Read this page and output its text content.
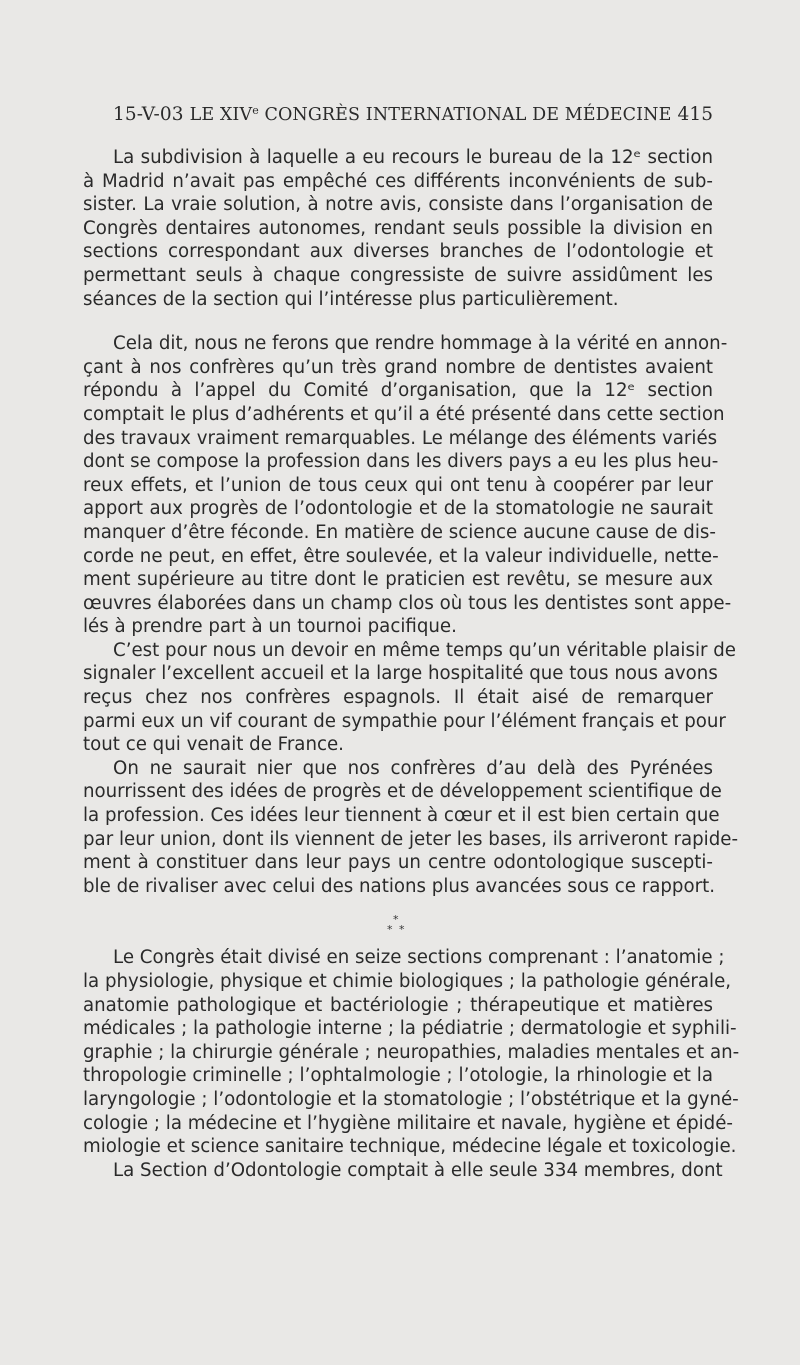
15-V-03 LE XIVe CONGRÈS INTERNATIONAL DE MÉDECINE 415
La subdivision à laquelle a eu recours le bureau de la 12ᵉ section
à Madrid n’avait pas empêché ces différents inconvénients de sub-
sister. La vraie solution, à notre avis, consiste dans l’organisation de
Congrès dentaires autonomes, rendant seuls possible la division en
sections correspondant aux diverses branches de l’odontologie et
permettant seuls à chaque congressiste de suivre assidûment les
séances de la section qui l’intéresse plus particulièrement.
Cela dit, nous ne ferons que rendre hommage à la vérité en annon-
çant à nos confrères qu’un très grand nombre de dentistes avaient
répondu à l’appel du Comité d’organisation, que la 12ᵉ section
comptait le plus d’adhérents et qu’il a été présenté dans cette section
des travaux vraiment remarquables. Le mélange des éléments variés
dont se compose la profession dans les divers pays a eu les plus heu-
reux effets, et l’union de tous ceux qui ont tenu à coopérer par leur
apport aux progrès de l’odontologie et de la stomatologie ne saurait
manquer d’être féconde. En matière de science aucune cause de dis-
corde ne peut, en effet, être soulevée, et la valeur individuelle, nette-
ment supérieure au titre dont le praticien est revêtu, se mesure aux
œuvres élaborées dans un champ clos où tous les dentistes sont appe-
lés à prendre part à un tournoi pacifique.
C’est pour nous un devoir en même temps qu’un véritable plaisir de
signaler l’excellent accueil et la large hospitalité que tous nous avons
reçus chez nos confrères espagnols. Il était aisé de remarquer
parmi eux un vif courant de sympathie pour l’élément français et pour
tout ce qui venait de France.
On ne saurait nier que nos confrères d’au delà des Pyrénées
nourrissent des idées de progrès et de développement scientifique de
la profession. Ces idées leur tiennent à cœur et il est bien certain que
par leur union, dont ils viennent de jeter les bases, ils arriveront rapide-
ment à constituer dans leur pays un centre odontologique suscepti-
ble de rivaliser avec celui des nations plus avancées sous ce rapport.
*
* *
Le Congrès était divisé en seize sections comprenant : l’anatomie ;
la physiologie, physique et chimie biologiques ; la pathologie générale,
anatomie pathologique et bactériologie ; thérapeutique et matières
médicales ; la pathologie interne ; la pédiatrie ; dermatologie et syphili-
graphie ; la chirurgie générale ; neuropathies, maladies mentales et an-
thropologie criminelle ; l’ophtalmologie ; l’otologie, la rhinologie et la
laryngologie ; l’odontologie et la stomatologie ; l’obstétrique et la gyné-
cologie ; la médecine et l’hygiène militaire et navale, hygiène et épidé-
miologie et science sanitaire technique, médecine légale et toxicologie.
La Section d’Odontologie comptait à elle seule 334 membres, dont
